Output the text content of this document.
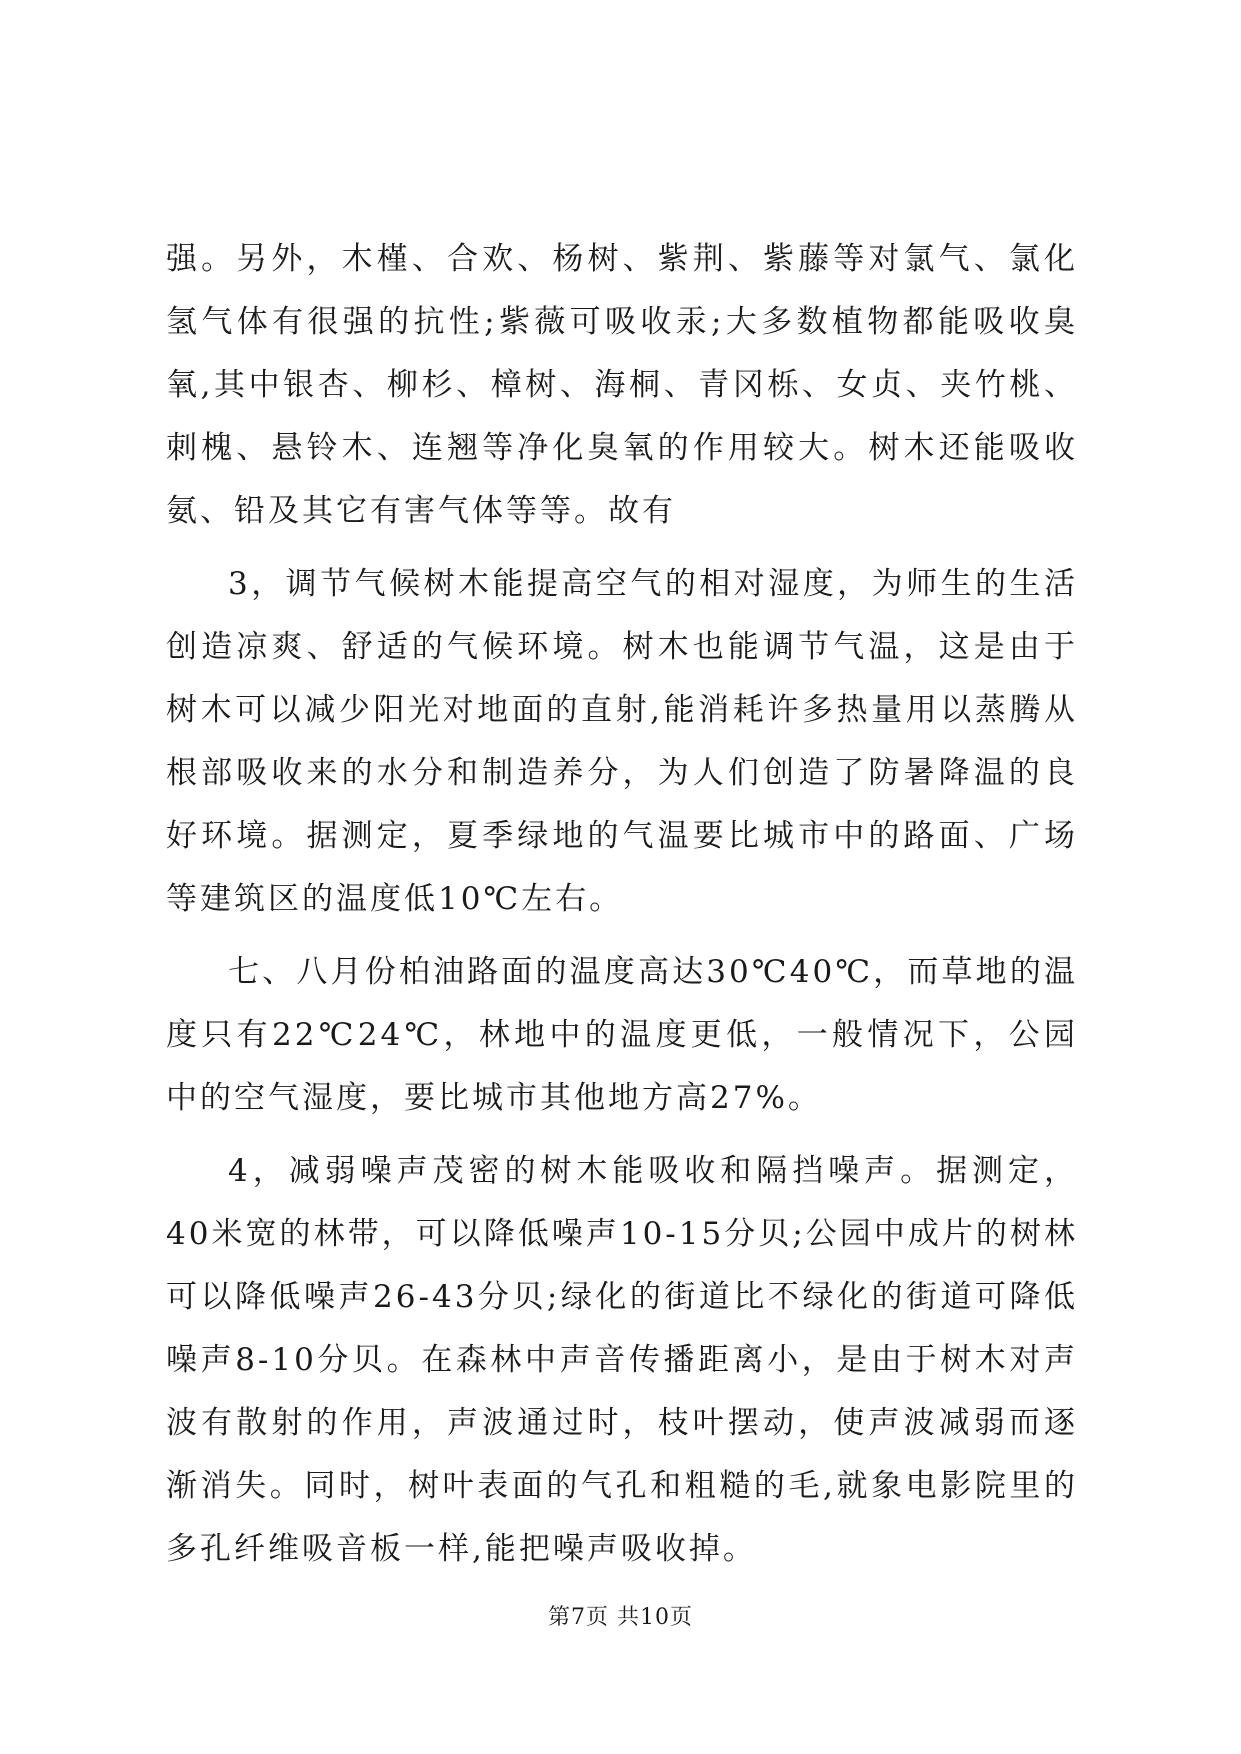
强。另外，木槿、合欢、杨树、紫荆、紫藤等对氯气、氯化氢气体有很强的抗性;紫薇可吸收汞;大多数植物都能吸收臭氧,其中银杏、柳杉、樟树、海桐、青冈栎、女贞、夹竹桃、刺槐、悬铃木、连翘等净化臭氧的作用较大。树木还能吸收氨、铅及其它有害气体等等。故有

3，调节气候树木能提高空气的相对湿度，为师生的生活创造凉爽、舒适的气候环境。树木也能调节气温，这是由于树木可以减少阳光对地面的直射,能消耗许多热量用以蒸腾从根部吸收来的水分和制造养分，为人们创造了防暑降温的良好环境。据测定，夏季绿地的气温要比城市中的路面、广场等建筑区的温度低10℃左右。

七、八月份柏油路面的温度高达30℃40℃，而草地的温度只有22℃24℃，林地中的温度更低，一般情况下，公园中的空气湿度，要比城市其他地方高27%。

4，减弱噪声茂密的树木能吸收和隔挡噪声。据测定，40米宽的林带，可以降低噪声10-15分贝;公园中成片的树林可以降低噪声26-43分贝;绿化的街道比不绿化的街道可降低噪声8-10分贝。在森林中声音传播距离小，是由于树木对声波有散射的作用，声波通过时，枝叶摆动，使声波减弱而逐渐消失。同时，树叶表面的气孔和粗糙的毛,就象电影院里的多孔纤维吸音板一样,能把噪声吸收掉。

第7页 共10页
